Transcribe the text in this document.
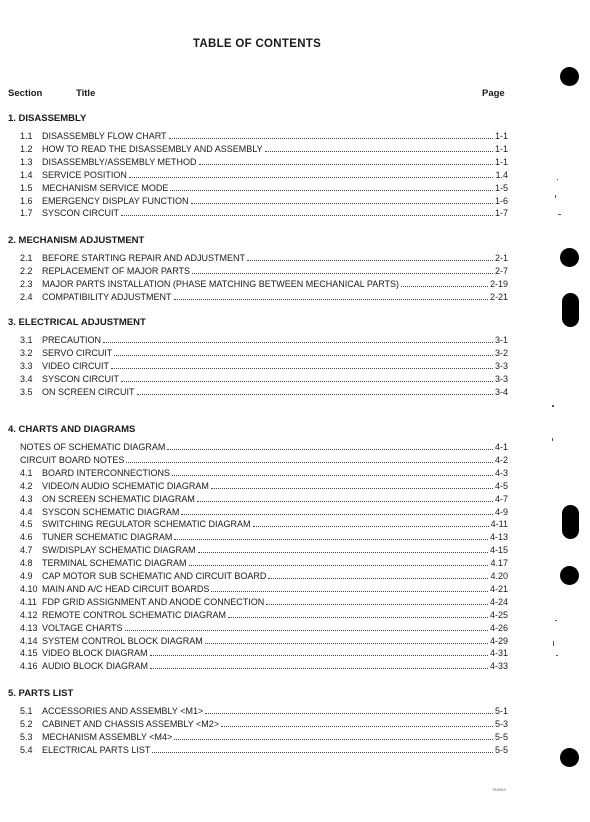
TABLE OF CONTENTS
Section	Title	Page
1. DISASSEMBLY
1.1	DISASSEMBLY FLOW CHART	1-1
1.2	HOW TO READ THE DISASSEMBLY AND ASSEMBLY	1-1
1.3	DISASSEMBLY/ASSEMBLY METHOD	1-1
1.4	SERVICE POSITION	1.4
1.5	MECHANISM SERVICE MODE	1-5
1.6	EMERGENCY DISPLAY FUNCTION	1-6
1.7	SYSCON CIRCUIT	1-7
2. MECHANISM ADJUSTMENT
2.1	BEFORE STARTING REPAIR AND ADJUSTMENT	2-1
2.2	REPLACEMENT OF MAJOR PARTS	2-7
2.3	MAJOR PARTS INSTALLATION (PHASE MATCHING BETWEEN MECHANICAL PARTS)	2-19
2.4	COMPATIBILITY ADJUSTMENT	2-21
3. ELECTRICAL ADJUSTMENT
3.1	PRECAUTION	3-1
3.2	SERVO CIRCUIT	3-2
3.3	VIDEO CIRCUIT	3-3
3.4	SYSCON CIRCUIT	3-3
3.5	ON SCREEN CIRCUIT	3-4
4. CHARTS AND DIAGRAMS
NOTES OF SCHEMATIC DIAGRAM	4-1
CIRCUIT BOARD NOTES	4-2
4.1	BOARD INTERCONNECTIONS	4-3
4.2	VIDEO/N AUDIO SCHEMATIC DIAGRAM	4-5
4.3	ON SCREEN SCHEMATIC DIAGRAM	4-7
4.4	SYSCON SCHEMATIC DIAGRAM	4-9
4.5	SWITCHING REGULATOR SCHEMATIC DIAGRAM	4-11
4.6	TUNER SCHEMATIC DIAGRAM	4-13
4.7	SW/DISPLAY SCHEMATIC DIAGRAM	4-15
4.8	TERMINAL SCHEMATIC DIAGRAM	4.17
4.9	CAP MOTOR SUB SCHEMATIC AND CIRCUIT BOARD	4.20
4.10 MAIN AND A/C HEAD CIRCUIT BOARDS	4-21
4.11 FDP GRID ASSIGNMENT AND ANODE CONNECTION	4-24
4.12 REMOTE CONTROL SCHEMATIC DIAGRAM	4-25
4.13 VOLTAGE CHARTS	4-26
4.14 SYSTEM CONTROL BLOCK DIAGRAM	4-29
4.15 VIDEO BLOCK DIAGRAM	4-31
4.16 AUDIO BLOCK DIAGRAM	4-33
5. PARTS LIST
5.1	ACCESSORIES AND ASSEMBLY <M1>	5-1
5.2	CABINET AND CHASSIS ASSEMBLY <M2>	5-3
5.3	MECHANISM ASSEMBLY <M4>	5-5
5.4	ELECTRICAL PARTS LIST	5-5
TA0083
